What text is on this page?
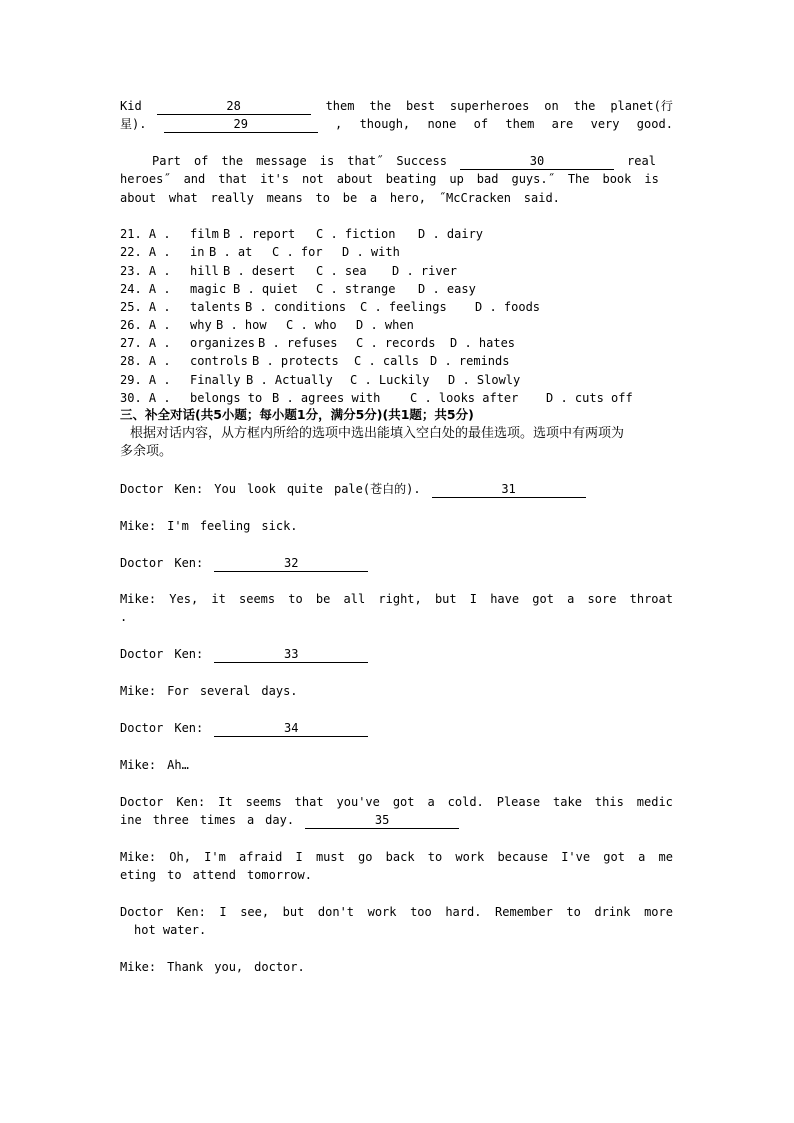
Kid	28	them the best superheroes on the planet(行
星).	29	, though, none of them are very good.
Part of the message is that˝ Success	30	real
heroes˝ and that it's not about beating up bad guys.˝ The book is
about what really means to be a hero, ˝McCracken said.
21. A . film B . report C . fiction D . dairy
22. A . in B . at C . for D . with
23. A . hill B . desert C . sea D . river
24. A . magic B . quiet C . strange D . easy
25. A . talents B . conditions C . feelings D . foods
26. A . why B . how C . who D . when
27. A . organizes B . refuses C . records D . hates
28. A . controls B . protects C . calls D . reminds
29. A . Finally B . Actually C . Luckily D . Slowly
30. A . belongs to B . agrees with C . looks after D . cuts off
三、补全对话(共5小题；每小题1分，满分5分)(共1题；共5分)
根据对话内容，从方框内所给的选项中选出能填入空白处的最佳选项。选项中有两项为
多余项。
Doctor Ken: You look quite pale(苍白的).	31
Mike: I'm feeling sick.
Doctor Ken:	32
Mike: Yes, it seems to be all right, but I have got a sore throat
.
Doctor Ken:	33
Mike: For several days.
Doctor Ken:	34
Mike: Ah…
Doctor Ken: It seems that you've got a cold. Please take this medic
ine three times a day.	35
Mike: Oh, I'm afraid I must go back to work because I've got a me
eting to attend tomorrow.
Doctor Ken: I see, but don't work too hard. Remember to drink more
hot water.
Mike: Thank you, doctor.
